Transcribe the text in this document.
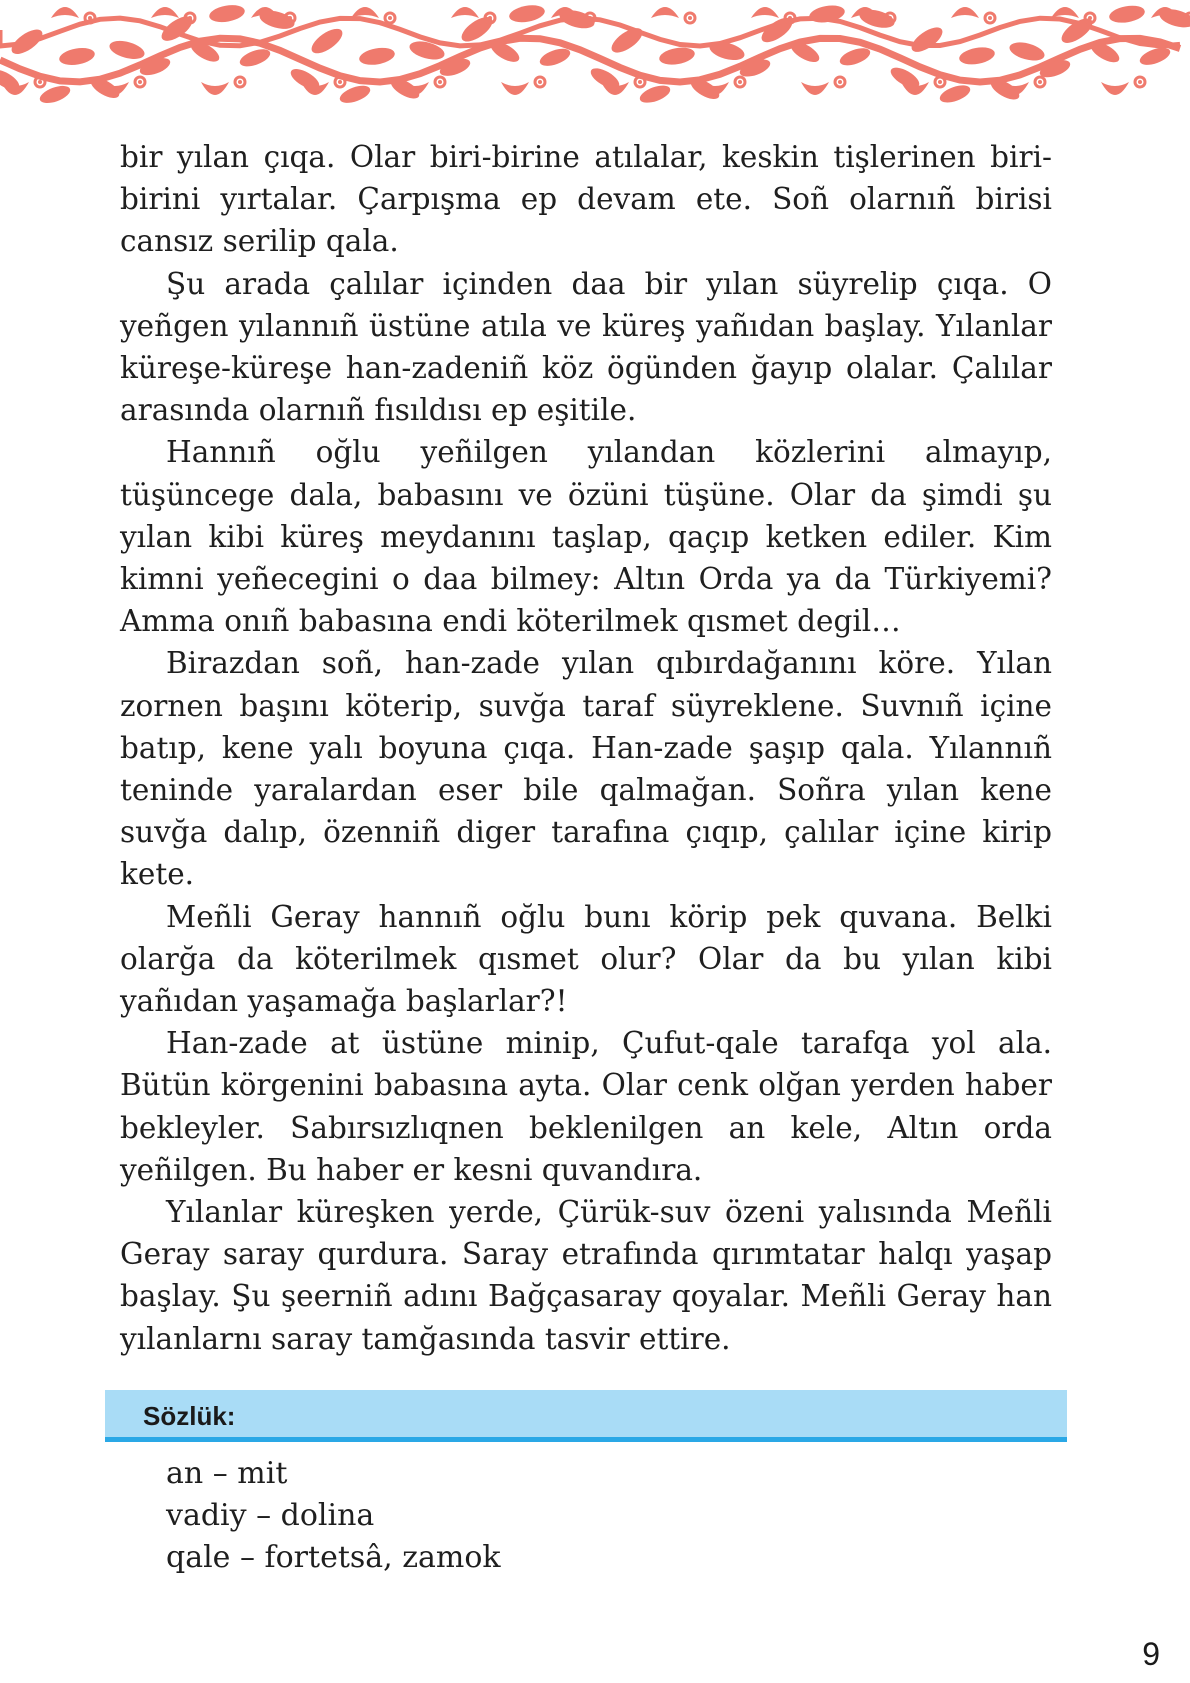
bir yılan çıqa. Olar biri-birine atılalar, keskin tişlerinen biri-birini yırtalar. Çarpışma ep devam ete. Soñ olarnıñ birisi cansız serilip qala.

Şu arada çalılar içinden daa bir yılan süyrelip çıqa. O yeñgen yılannıñ üstüne atıla ve küreş yañıdan başlay. Yılanlar küreşe-küreşe han-zadeniñ köz ögünden ğayıp olalar. Çalılar arasında olarnıñ fısıldısı ep eşitile.

Hannıñ oğlu yeñilgen yılandan közlerini almayıp, tüşüncege dala, babasını ve özüni tüşüne. Olar da şimdi şu yılan kibi küreş meydanını taşlap, qaçıp ketken ediler. Kim kimni yeñecegini o daa bilmey: Altın Orda ya da Türkiyemi? Amma onıñ babasına endi köterilmek qısmet degil…

Birazdan soñ, han-zade yılan qıbırdağanını köre. Yılan zornen başını köterip, suvğa taraf süyreklene. Suvnıñ içine batıp, kene yalı boyuna çıqa. Han-zade şaşıp qala. Yılannıñ teninde yaralardan eser bile qalmağan. Soñra yılan kene suvğa dalıp, özenniñ diger tarafına çıqıp, çalılar içine kirip kete.

Meñli Geray hannıñ oğlu bunı körip pek quvana. Belki olarğa da köterilmek qısmet olur? Olar da bu yılan kibi yañıdan yaşamağa başlarlar?!

Han-zade at üstüne minip, Çufut-qale tarafqa yol ala. Bütün körgenini babasına ayta. Olar cenk olğan yerden haber bekleyler. Sabırsızlıqnen beklenilgen an kele, Altın orda yeñilgen. Bu haber er kesni quvandıra.

Yılanlar küreşken yerde, Çürük-suv özeni yalısında Meñli Geray saray qurdura. Saray etrafında qırımtatar halqı yaşap başlay. Şu şeerniñ adını Bağçasaray qoyalar. Meñli Geray han yılanlarnı saray tamğasında tasvir ettire.

Sözlük:
an – mit
vadiy – dolina
qale – fortetsâ, zamok
9
